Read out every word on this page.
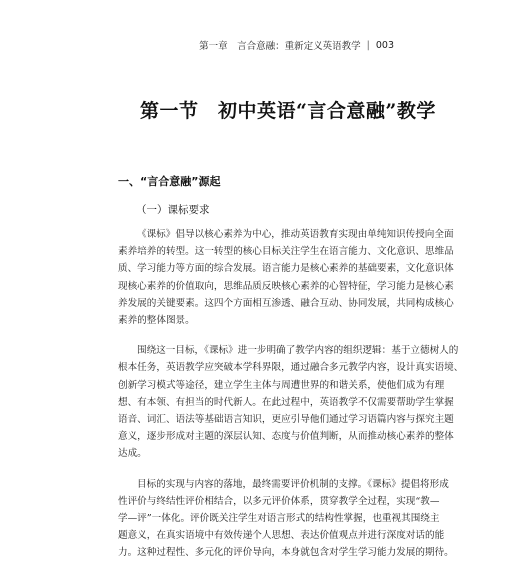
第一章　言合意融：重新定义英语教学 | 003
第一节　初中英语“言合意融”教学
一、“言合意融”源起
（一）课标要求
《课标》倡导以核心素养为中心，推动英语教育实现由单纯知识传授向全面
素养培养的转型。这一转型的核心目标关注学生在语言能力、文化意识、思维品
质、学习能力等方面的综合发展。语言能力是核心素养的基础要素，文化意识体
现核心素养的价值取向，思维品质反映核心素养的心智特征，学习能力是核心素
养发展的关键要素。这四个方面相互渗透、融合互动、协同发展，共同构成核心
素养的整体图景。
围绕这一目标，《课标》进一步明确了教学内容的组织逻辑：基于立德树人的
根本任务，英语教学应突破本学科界限，通过融合多元教学内容，设计真实语境、
创新学习模式等途径，建立学生主体与周遭世界的和谐关系，使他们成为有理
想、有本领、有担当的时代新人。在此过程中，英语教学不仅需要帮助学生掌握
语音、词汇、语法等基础语言知识，更应引导他们通过学习语篇内容与探究主题
意义，逐步形成对主题的深层认知、态度与价值判断，从而推动核心素养的整体
达成。
目标的实现与内容的落地，最终需要评价机制的支撑。《课标》提倡将形成
性评价与终结性评价相结合，以多元评价体系，贯穿教学全过程，实现“教—
学—评”一体化。评价既关注学生对语言形式的结构性掌握，也重视其围绕主
题意义，在真实语境中有效传递个人思想、表达价值观点并进行深度对话的能
力。这种过程性、多元化的评价导向，本身就包含对学生学习能力发展的期待。
